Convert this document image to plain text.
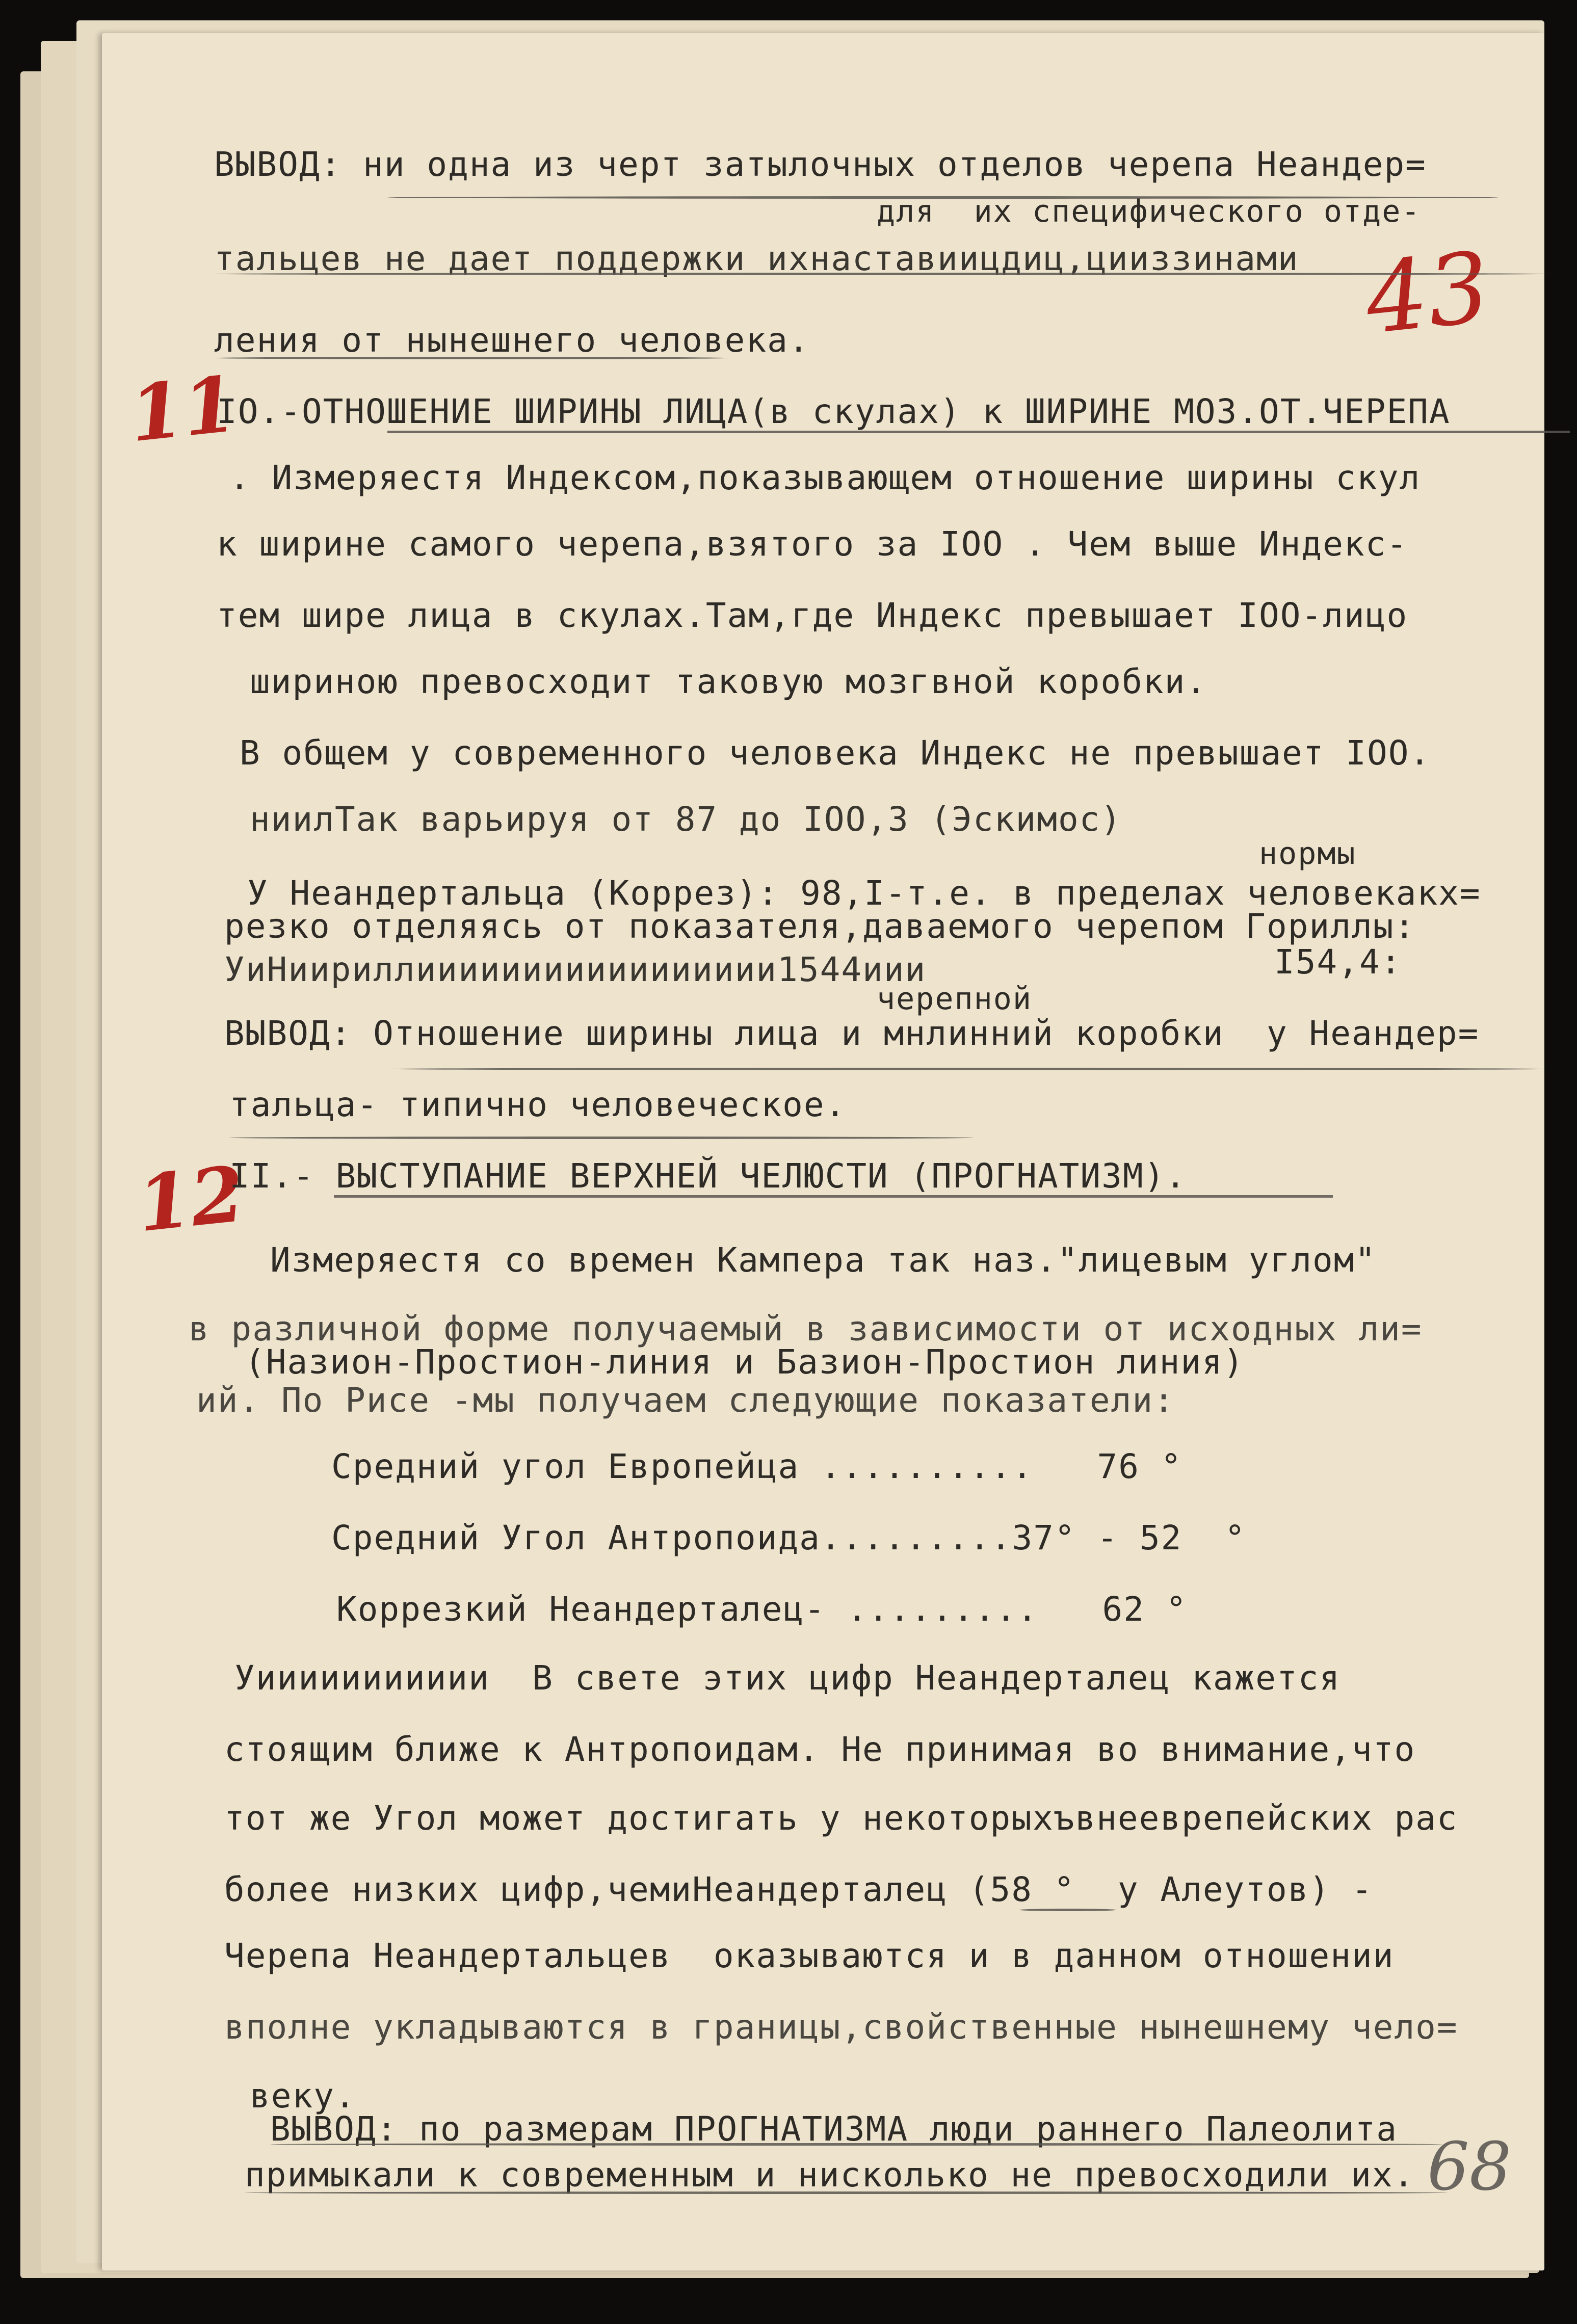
43

ВЫВОД: ни одна из черт затылочных отделов черепа Неандер=

для  их специфического отде-

тальцев не дает поддержки ихнаставиицдиц,цииззинами

ления от нынешнего человека.

11

IО.-ОТНОШЕНИЕ ШИРИНЫ ЛИЦА(в скулах) к ШИРИНЕ МОЗ.ОТ.ЧЕРЕПА

. Измеряестя Индексом,показывающем отношение ширины скул

к ширине самого черепа,взятого за IОО . Чем выше Индекс-

тем шире лица в скулах.Там,где Индекс превышает IОО-лицо

шириною превосходит таковую мозгвной коробки.

В общем у современного человека Индекс не превышает IОО.

ниилТак варьируя от 87 до IОО,3 (Эскимос)

нормы

У Неандертальца (Коррез): 98,I-т.е. в пределах человекакх=

резко отделяясь от показателя,даваемого черепом Гориллы:

УиНиириллиииииииииииииииии1544иии	I54,4:

черепной

ВЫВОД: Отношение ширины лица и мнлинний коробки  у Неандер=

тальца- типично человеческое.

12

II.- ВЫСТУПАНИЕ ВЕРХНЕЙ ЧЕЛЮСТИ (ПРОГНАТИЗМ).

Измеряестя со времен Кампера так наз."лицевым углом"

в различной форме получаемый в зависимости от исходных ли=

(Назион-Простион-линия и Базион-Простион линия)

ий. По Рисе -мы получаем следующие показатели:

Средний угол Европейца ..........   76 °

Средний Угол Антропоида.........37° - 52  °

Коррезкий Неандерталец- .........   62 °

Уиииииииииии  В свете этих цифр Неандерталец кажется

стоящим ближе к Антропоидам. Не принимая во внимание,что

тот же Угол может достигать у некоторыхъвнееврепейских рас

более низких цифр,чемиНеандерталец (58 °  у Алеутов) -

Черепа Неандертальцев  оказываются и в данном отношении

вполне укладываются в границы,свойственные нынешнему чело=

веку.

ВЫВОД: по размерам ПРОГНАТИЗМА люди раннего Палеолита

примыкали к современным и нисколько не превосходили их. 68
